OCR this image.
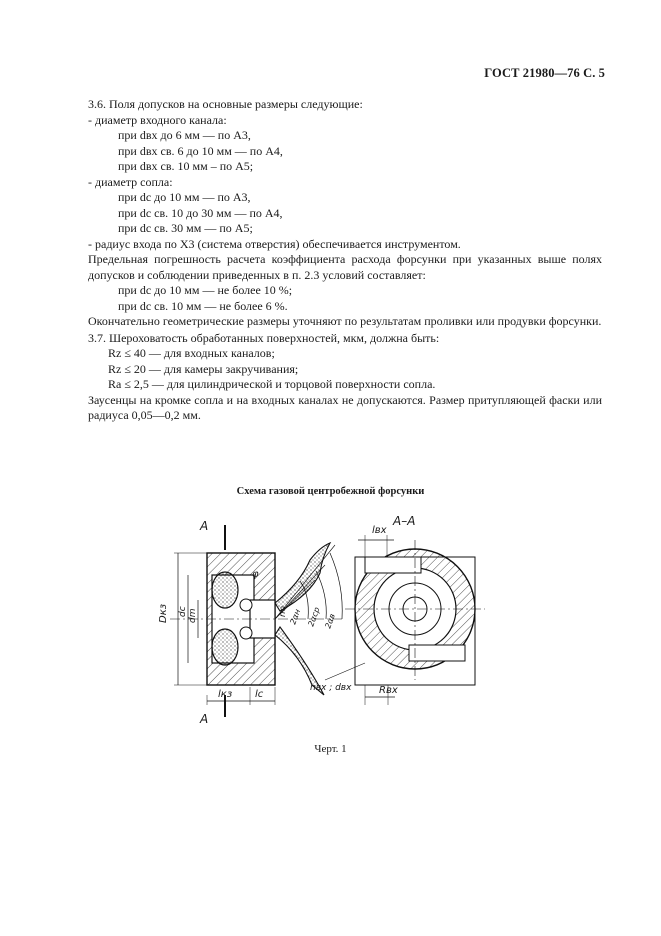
ГОСТ 21980—76 С. 5

3.6. Поля допусков на основные размеры следующие:

- диаметр входного канала:

при dвх до 6 мм — по A3,

при dвх св. 6 до 10 мм — по A4,

при dвх св. 10 мм – по A5;

- диаметр сопла:

при dc до 10 мм — по A3,

при dc св. 10 до 30 мм — по A4,

при dc св. 30 мм — по A5;

- радиус входа по X3 (система отверстия) обеспечивается инструментом.

Предельная погрешность расчета коэффициента расхода форсунки при указанных выше полях допусков и соблюдении приведенных в п. 2.3 условий составляет:

при dc до 10 мм — не более 10 %;

при dc св. 10 мм — не более 6 %.

Окончательно геометрические размеры уточняют по результатам проливки или продувки форсунки.

3.7. Шероховатость обработанных поверхностей, мкм, должна быть:

Rz ≤ 40 — для входных каналов;

Rz ≤ 20 — для камеры закручивания;

Ra ≤ 2,5 — для цилиндрической и торцовой поверхности сопла.

Заусенцы на кромке сопла и на входных каналах не допускаются. Размер притупляющей фаски или радиуса 0,05—0,2 мм.

Схема газовой центробежной форсунки
A
A
Dкз dc dm
φ
rm 2αн 2αср 2αв
lкз lc
A–A
lвх
Rвх
nвх ; dвх
Черт. 1
